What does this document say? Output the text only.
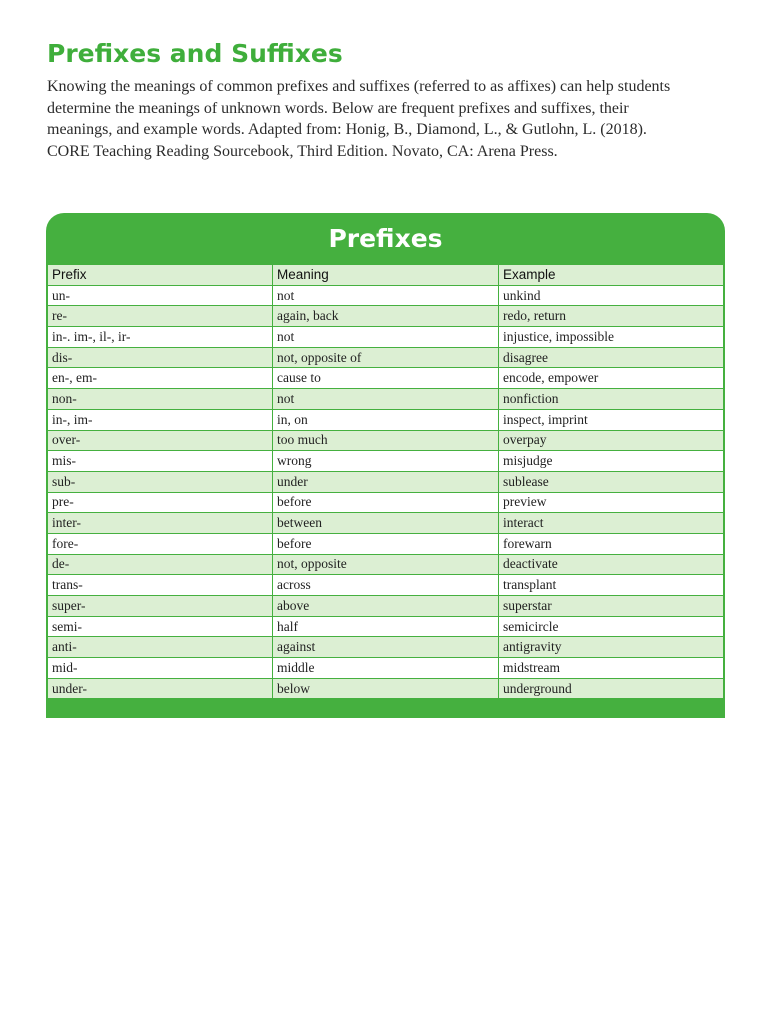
Prefixes and Suffixes

Knowing the meanings of common prefixes and suffixes (referred to as affixes) can help students
determine the meanings of unknown words. Below are frequent prefixes and suffixes, their
meanings, and example words. Adapted from: Honig, B., Diamond, L., & Gutlohn, L. (2018).
CORE Teaching Reading Sourcebook, Third Edition. Novato, CA: Arena Press.

Prefixes
Prefix	Meaning	Example
un-	not	unkind
re-	again, back	redo, return
in-. im-, il-, ir-	not	injustice, impossible
dis-	not, opposite of	disagree
en-, em-	cause to	encode, empower
non-	not	nonfiction
in-, im-	in, on	inspect, imprint
over-	too much	overpay
mis-	wrong	misjudge
sub-	under	sublease
pre-	before	preview
inter-	between	interact
fore-	before	forewarn
de-	not, opposite	deactivate
trans-	across	transplant
super-	above	superstar
semi-	half	semicircle
anti-	against	antigravity
mid-	middle	midstream
under-	below	underground
